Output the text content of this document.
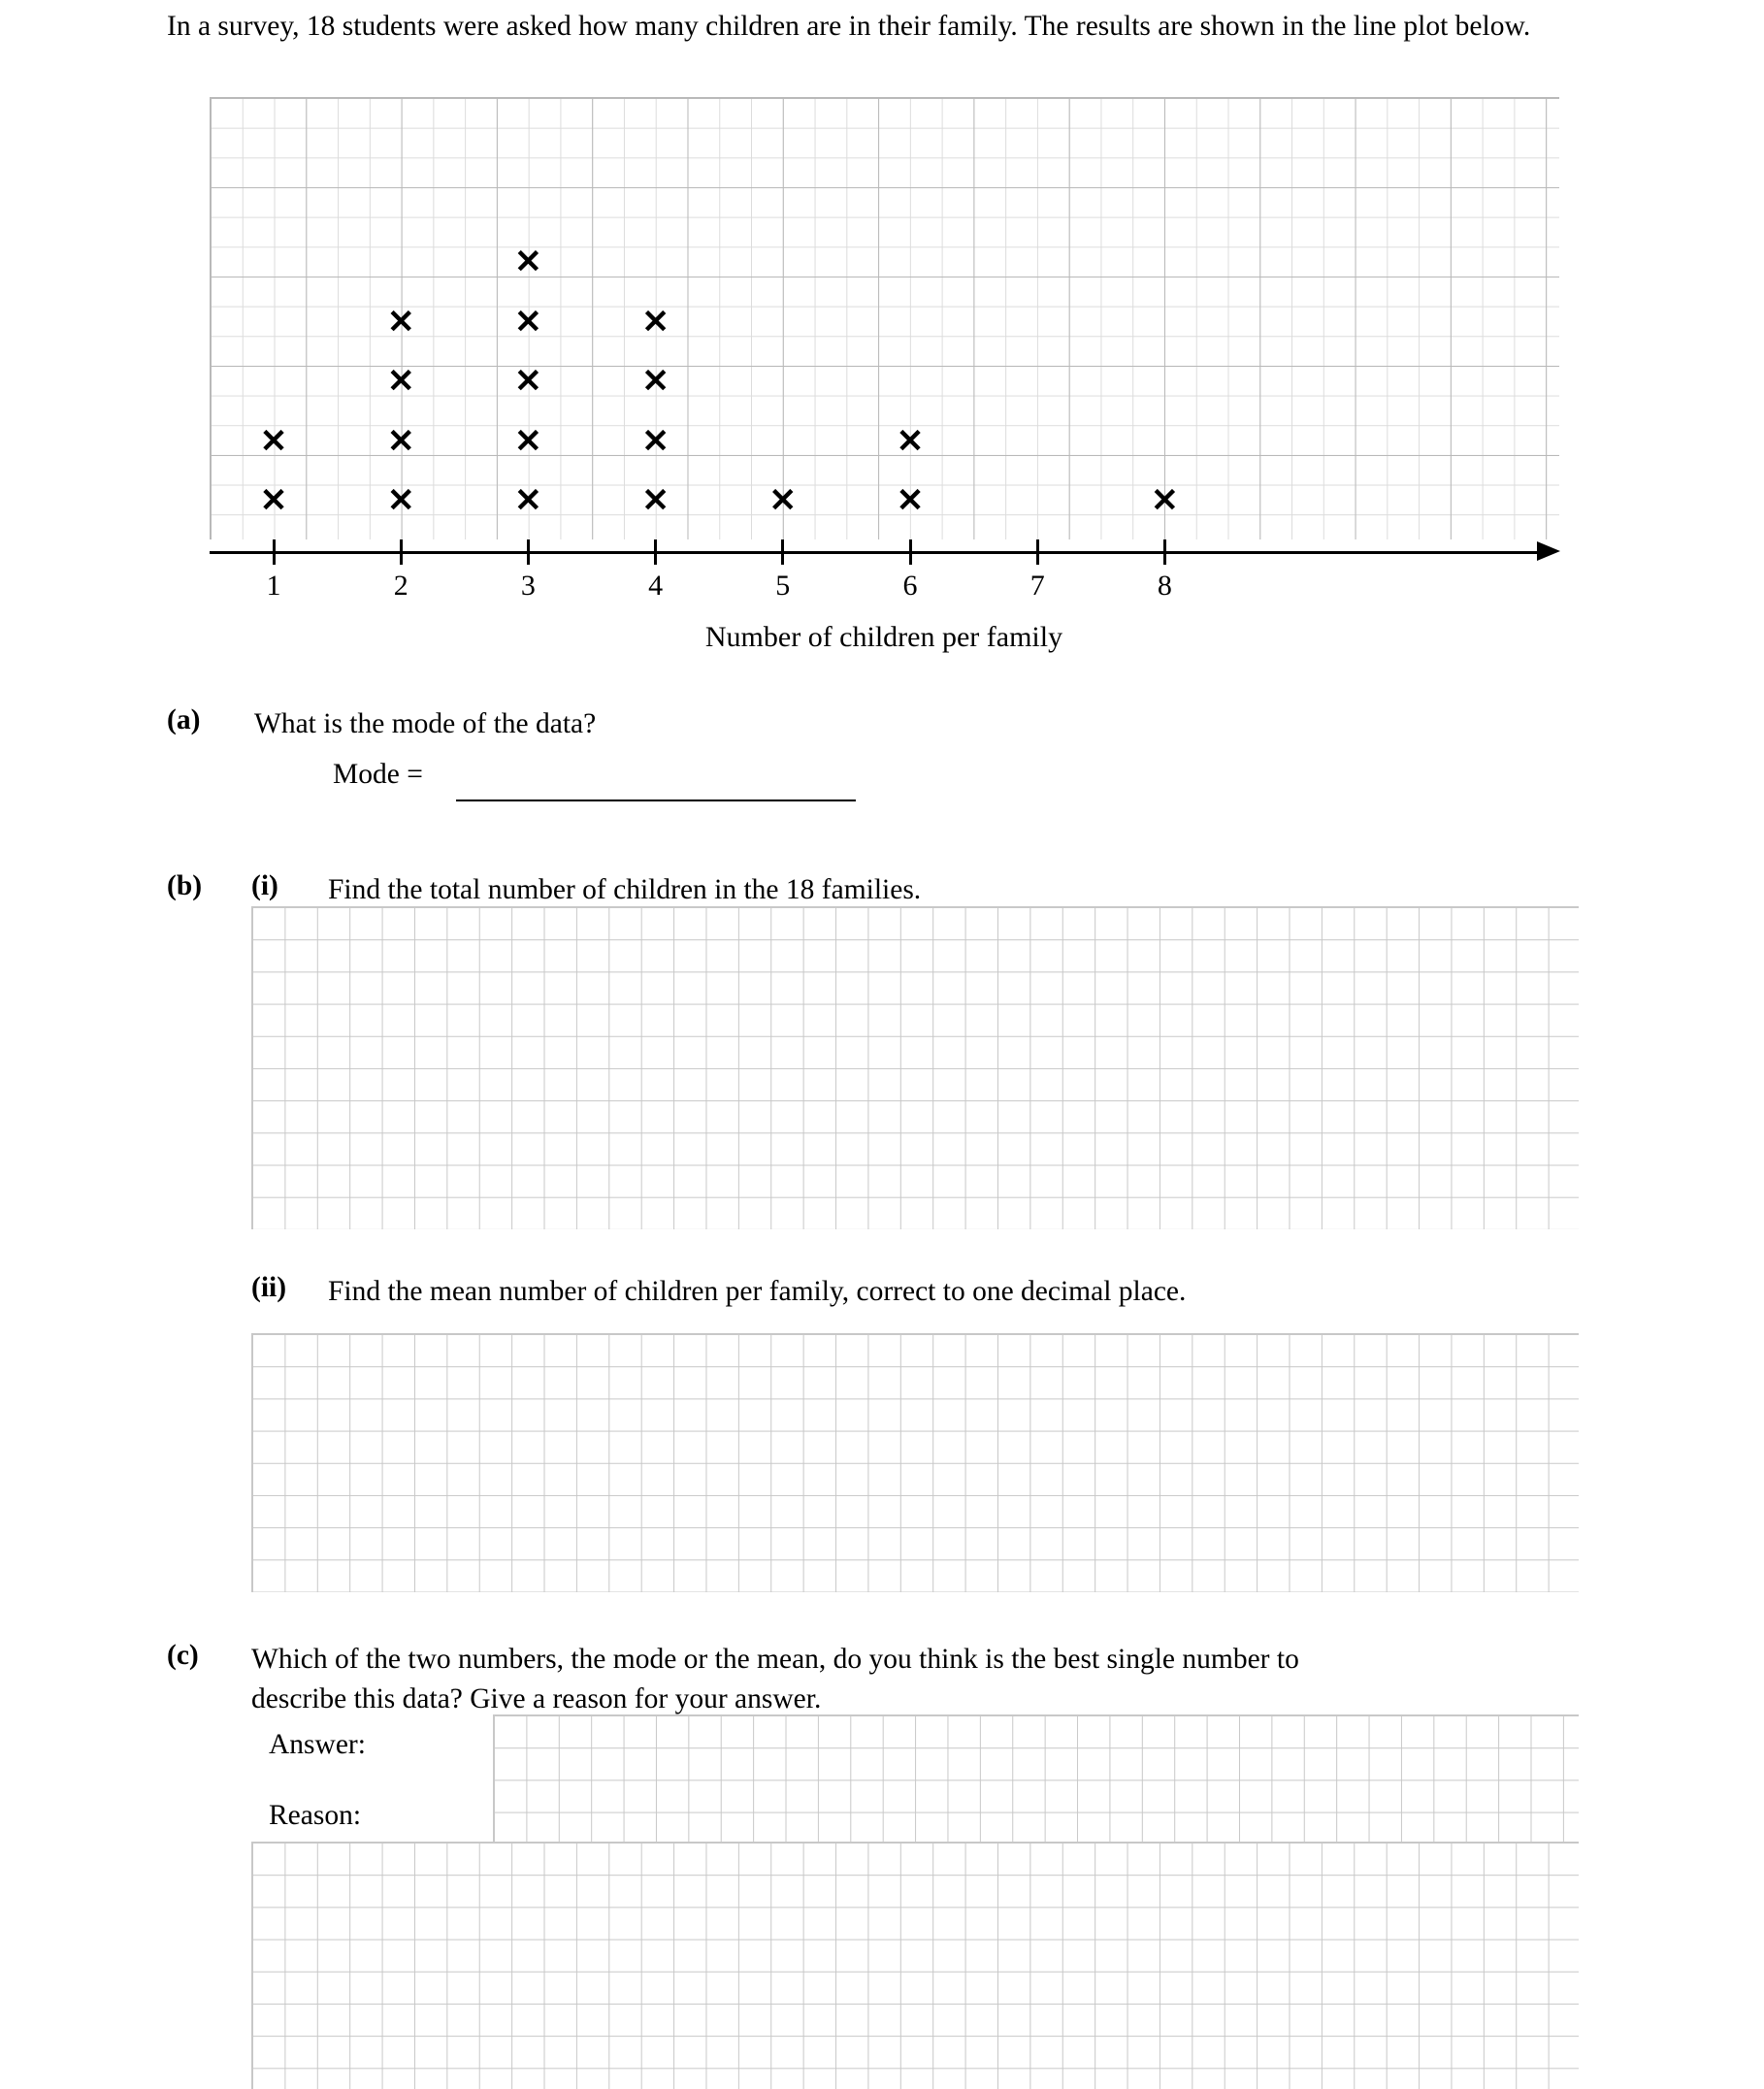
In a survey, 18 students were asked how many children are in their family. The results are shown in the line plot below.
1	2	3	4	5	6	7	8
✕
✕
✕
✕
✕
✕
✕
✕
✕
✕
✕
✕
✕
✕
✕
✕	✕
✕
✕
Number of children per family
(a) What is the mode of the data?
Mode =
(b) (i) Find the total number of children in the 18 families.
(ii) Find the mean number of children per family, correct to one decimal place.
(c) Which of the two numbers, the mode or the mean, do you think is the best single number to
describe this data? Give a reason for your answer.
Answer:
Reason:
